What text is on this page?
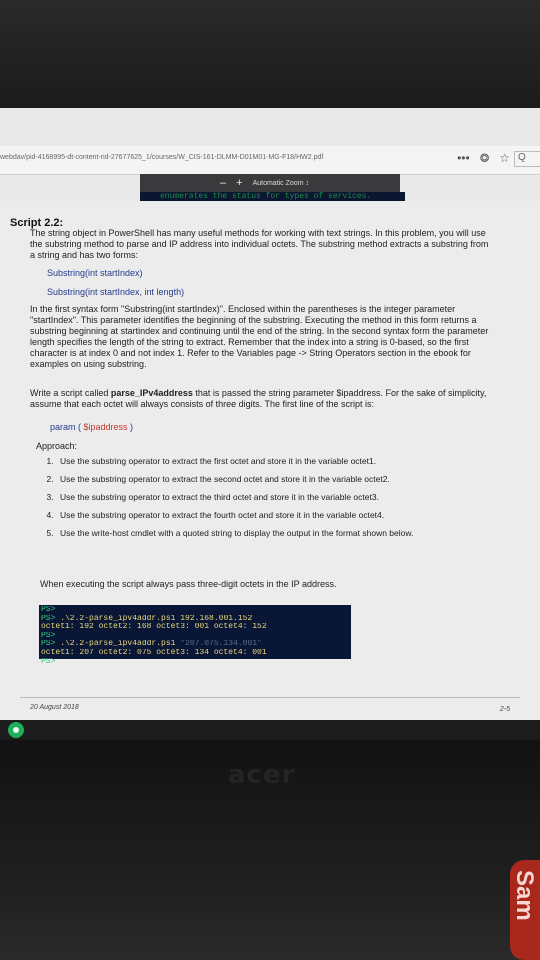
webdav/pid-4168995-dt-content-rid-27677625_1/courses/W_CIS-161-DLMM-D01M01-MG-F18/HW2.pdf	••• ⭗ ☆ Q
– + Automatic Zoom ↕
enumerates the status for types of services.
Script 2.2:

The string object in PowerShell has many useful methods for working with text strings. In this problem, you will use the substring method to parse and IP address into individual octets. The substring method extracts a substring from a string and has two forms:

Substring(int startIndex)
Substring(int startIndex, int length)

In the first syntax form "Substring(int startIndex)". Enclosed within the parentheses is the integer parameter "startIndex". This parameter identifies the beginning of the substring. Executing the method in this form returns a substring beginning at startindex and continuing until the end of the string. In the second syntax form the parameter length specifies the length of the string to extract. Remember that the index into a string is 0-based, so the first character is at index 0 and not index 1. Refer to the Variables page -> String Operators section in the ebook for examples on using substring.

Write a script called parse_IPv4address that is passed the string parameter $ipaddress. For the sake of simplicity, assume that each octet will always consists of three digits. The first line of the script is:

param ( $ipaddress )
Approach:
1. Use the substring operator to extract the first octet and store it in the variable octet1.
2. Use the substring operator to extract the second octet and store it in the variable octet2.
3. Use the substring operator to extract the third octet and store it in the variable octet3.
4. Use the substring operator to extract the fourth octet and store it in the variable octet4.
5. Use the write-host cmdlet with a quoted string to display the output in the format shown below.

When executing the script always pass three-digit octets in the IP address.

PS>
PS> .\2.2-parse_ipv4addr.ps1 192.168.001.152
octet1: 192 octet2: 168 octet3: 001 octet4: 152
PS>
PS> .\2.2-parse_ipv4addr.ps1 "207.075.134.001"
octet1: 207 octet2: 075 octet3: 134 octet4: 001
PS>
20 August 2018	2-5
acer
Sam
